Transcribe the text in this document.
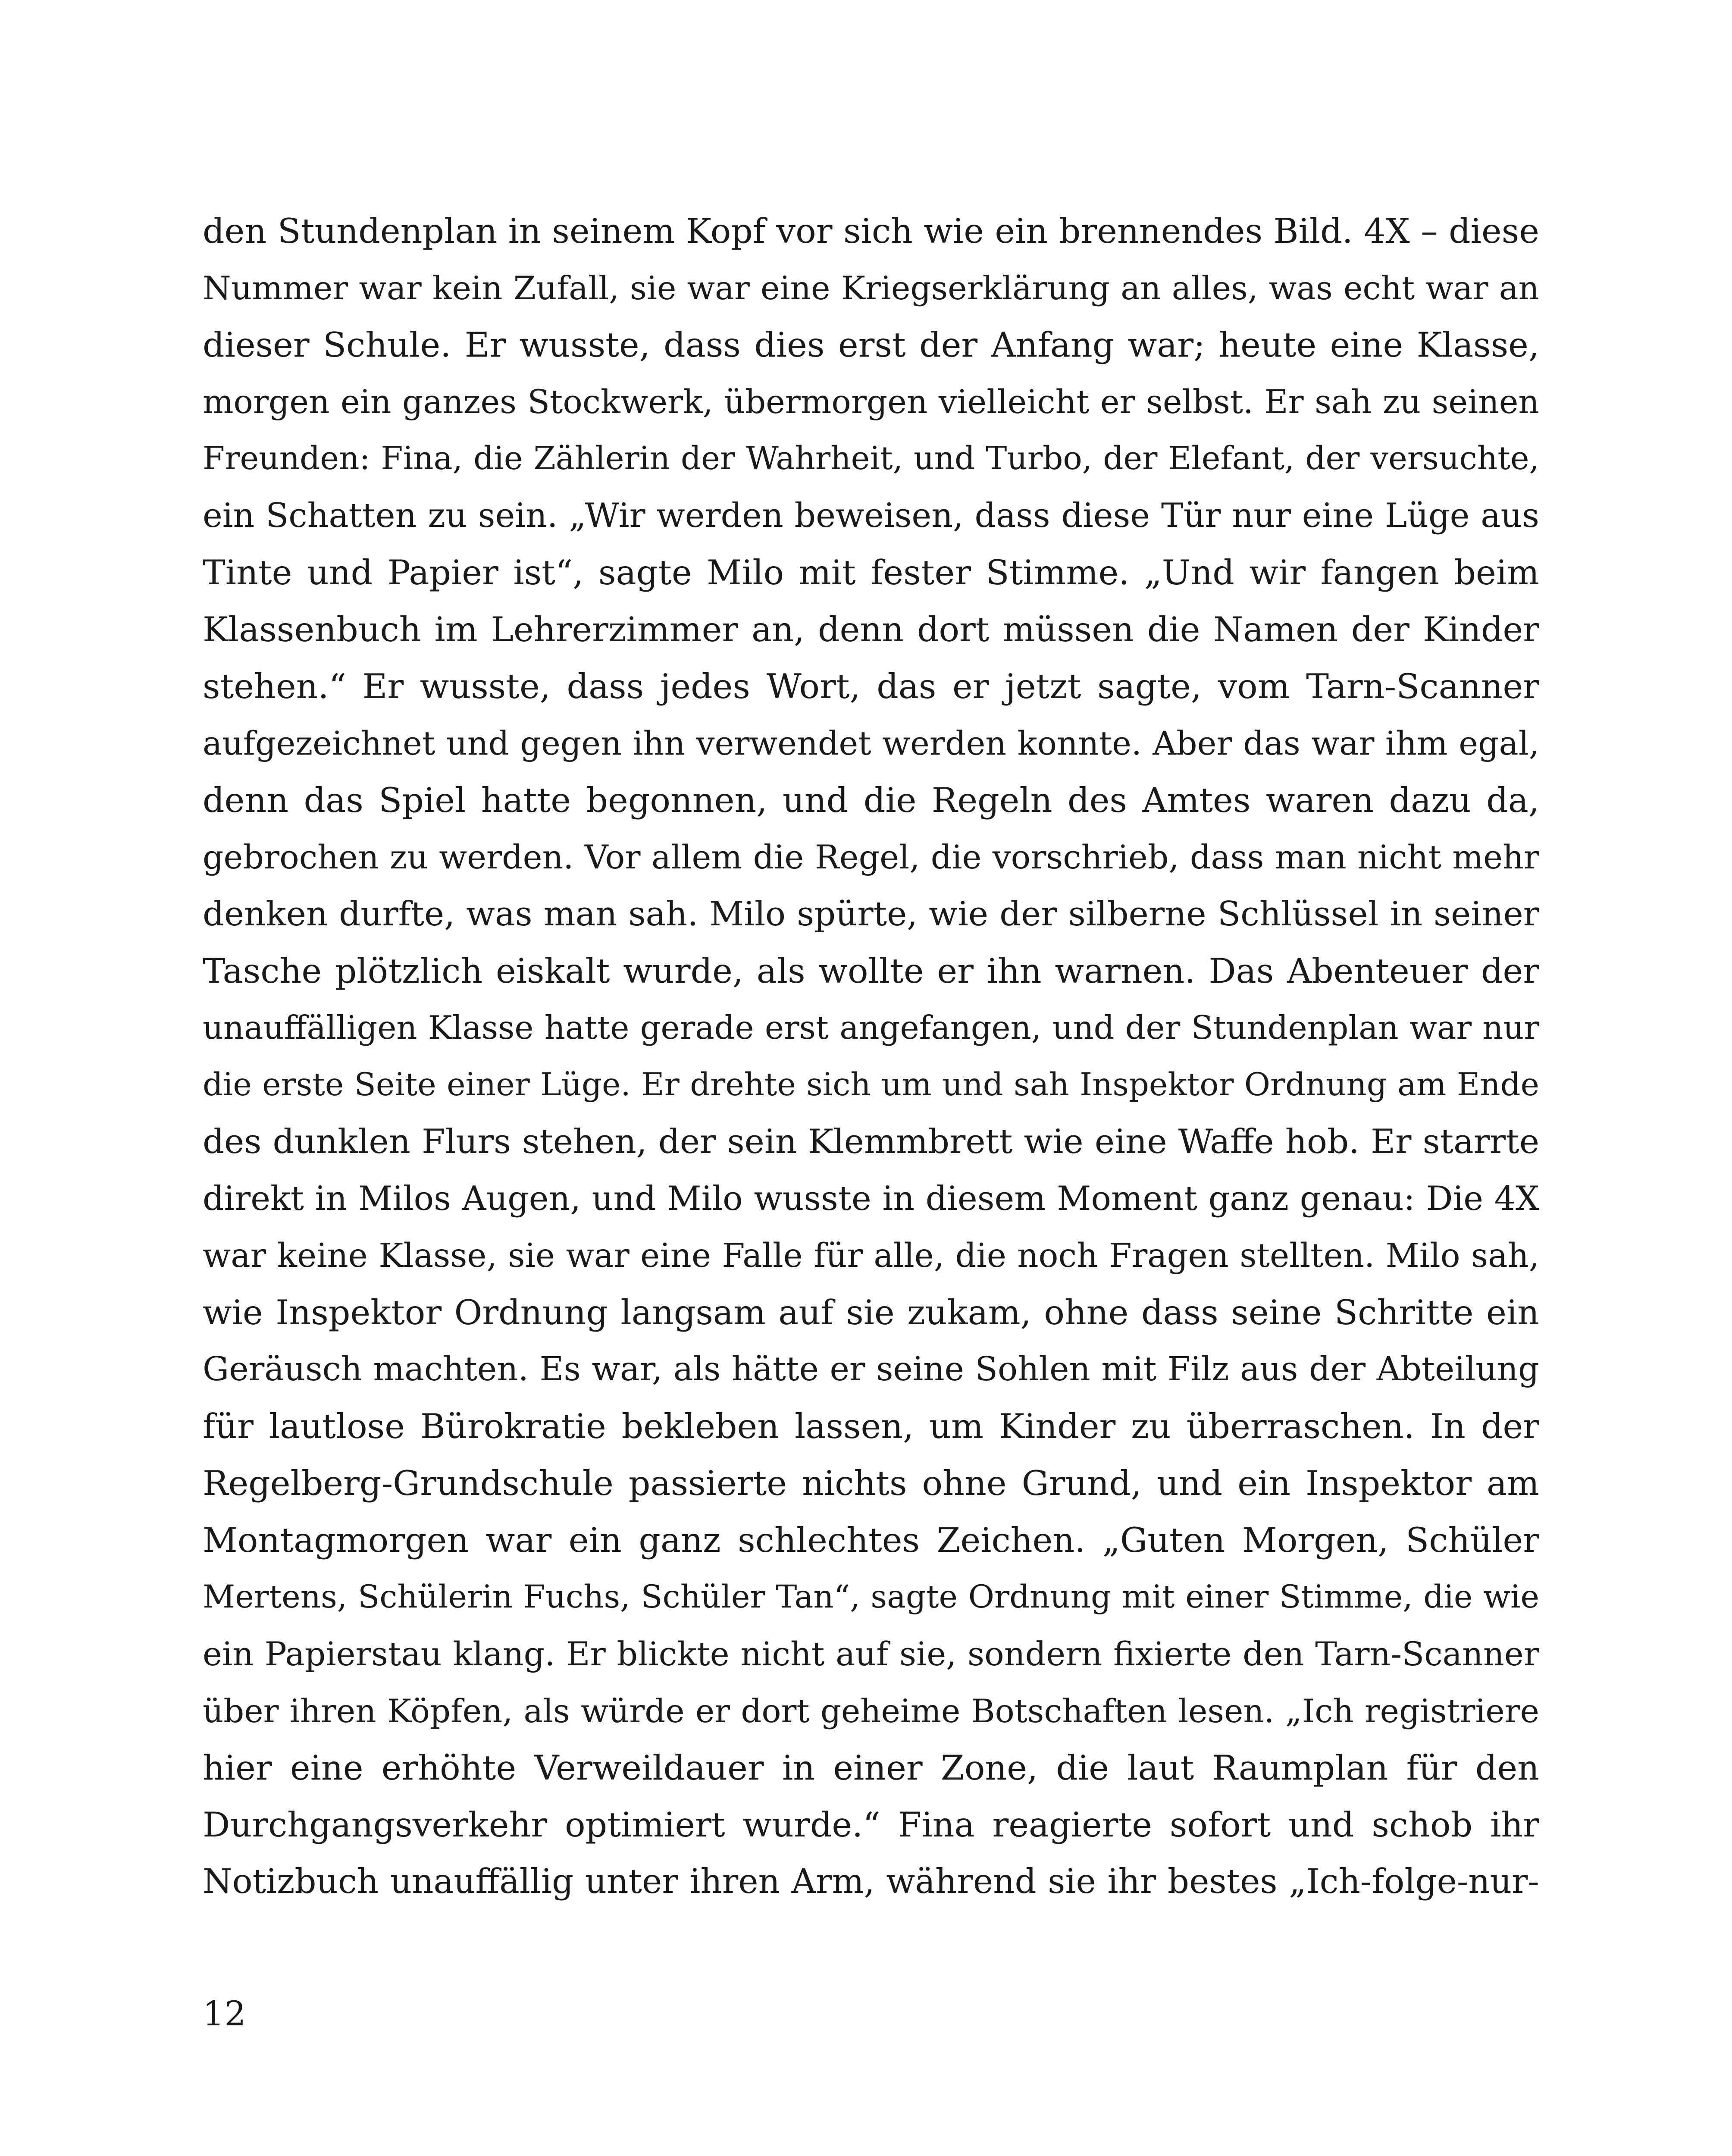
den Stundenplan in seinem Kopf vor sich wie ein brennendes Bild. 4X – diese
Nummer war kein Zufall, sie war eine Kriegserklärung an alles, was echt war an
dieser Schule. Er wusste, dass dies erst der Anfang war; heute eine Klasse,
morgen ein ganzes Stockwerk, übermorgen vielleicht er selbst. Er sah zu seinen
Freunden: Fina, die Zählerin der Wahrheit, und Turbo, der Elefant, der versuchte,
ein Schatten zu sein. „Wir werden beweisen, dass diese Tür nur eine Lüge aus
Tinte und Papier ist“, sagte Milo mit fester Stimme. „Und wir fangen beim
Klassenbuch im Lehrerzimmer an, denn dort müssen die Namen der Kinder
stehen.“ Er wusste, dass jedes Wort, das er jetzt sagte, vom Tarn-Scanner
aufgezeichnet und gegen ihn verwendet werden konnte. Aber das war ihm egal,
denn das Spiel hatte begonnen, und die Regeln des Amtes waren dazu da,
gebrochen zu werden. Vor allem die Regel, die vorschrieb, dass man nicht mehr
denken durfte, was man sah. Milo spürte, wie der silberne Schlüssel in seiner
Tasche plötzlich eiskalt wurde, als wollte er ihn warnen. Das Abenteuer der
unauffälligen Klasse hatte gerade erst angefangen, und der Stundenplan war nur
die erste Seite einer Lüge. Er drehte sich um und sah Inspektor Ordnung am Ende
des dunklen Flurs stehen, der sein Klemmbrett wie eine Waffe hob. Er starrte
direkt in Milos Augen, und Milo wusste in diesem Moment ganz genau: Die 4X
war keine Klasse, sie war eine Falle für alle, die noch Fragen stellten. Milo sah,
wie Inspektor Ordnung langsam auf sie zukam, ohne dass seine Schritte ein
Geräusch machten. Es war, als hätte er seine Sohlen mit Filz aus der Abteilung
für lautlose Bürokratie bekleben lassen, um Kinder zu überraschen. In der
Regelberg-Grundschule passierte nichts ohne Grund, und ein Inspektor am
Montagmorgen war ein ganz schlechtes Zeichen. „Guten Morgen, Schüler
Mertens, Schülerin Fuchs, Schüler Tan“, sagte Ordnung mit einer Stimme, die wie
ein Papierstau klang. Er blickte nicht auf sie, sondern fixierte den Tarn-Scanner
über ihren Köpfen, als würde er dort geheime Botschaften lesen. „Ich registriere
hier eine erhöhte Verweildauer in einer Zone, die laut Raumplan für den
Durchgangsverkehr optimiert wurde.“ Fina reagierte sofort und schob ihr
Notizbuch unauffällig unter ihren Arm, während sie ihr bestes „Ich-folge-nur-
12
